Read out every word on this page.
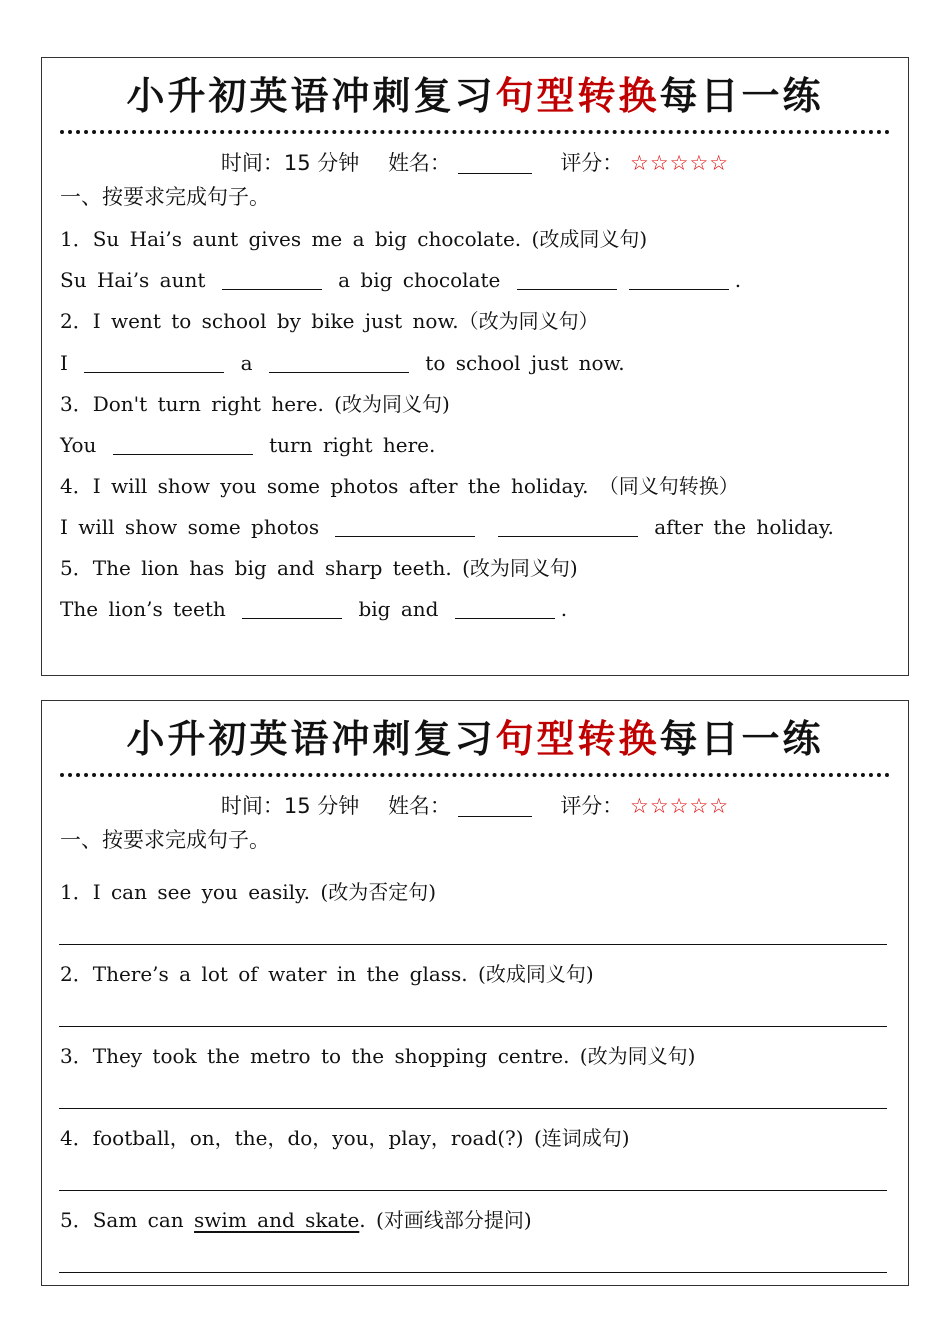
小升初英语冲刺复习句型转换每日一练
时间：15 分钟 姓名：	评分： ☆☆☆☆☆
一、按要求完成句子。
1．Su Hai’s aunt gives me a big chocolate. (改成同义句)
Su Hai’s aunt	a big chocolate	.
2．I went to school by bike just now.（改为同义句）
I	a	to school just now.
3．Don't turn right here. (改为同义句)
You	turn right here.
4．I will show you some photos after the holiday. （同义句转换）
I will show some photos	after the holiday.
5．The lion has big and sharp teeth. (改为同义句)
The lion’s teeth	big and	.
小升初英语冲刺复习句型转换每日一练
时间：15 分钟 姓名：	评分： ☆☆☆☆☆
一、按要求完成句子。
1．I can see you easily. (改为否定句)
2．There’s a lot of water in the glass. (改成同义句)
3．They took the metro to the shopping centre. (改为同义句)
4．football，on，the，do，you，play，road(?) (连词成句)
5．Sam can swim and skate. (对画线部分提问)
